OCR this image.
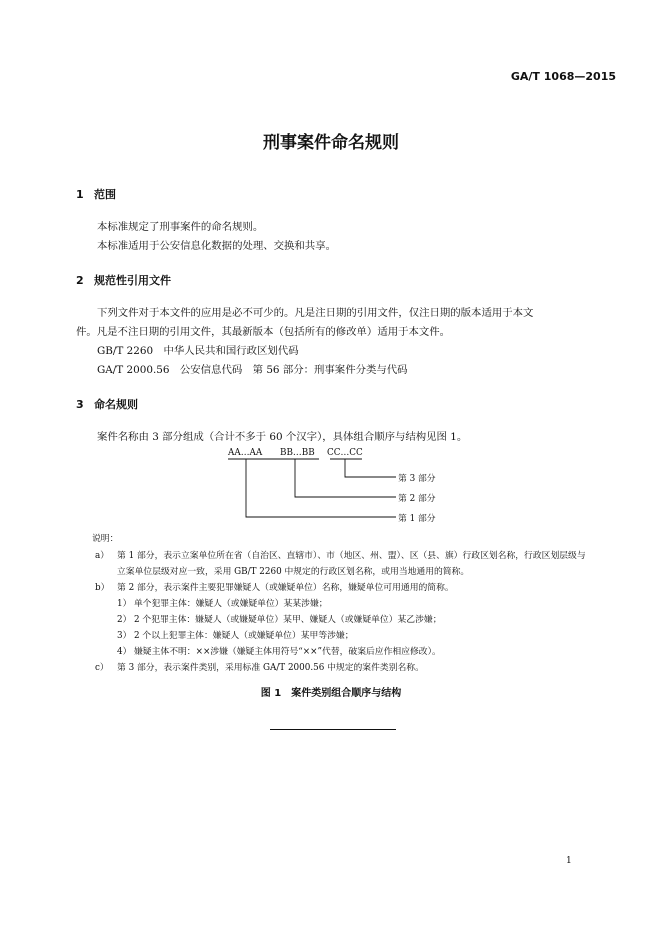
GA/T 1068—2015
刑事案件命名规则
1 范围
本标准规定了刑事案件的命名规则。
本标准适用于公安信息化数据的处理、交换和共享。
2 规范性引用文件
下列文件对于本文件的应用是必不可少的。凡是注日期的引用文件，仅注日期的版本适用于本文
件。凡是不注日期的引用文件，其最新版本（包括所有的修改单）适用于本文件。
GB/T 2260　中华人民共和国行政区划代码
GA/T 2000.56　公安信息代码　第 56 部分：刑事案件分类与代码
3 命名规则
案件名称由 3 部分组成（合计不多于 60 个汉字），具体组合顺序与结构见图 1。
AA…AA BB…BB CC…CC
第 3 部分
第 2 部分
第 1 部分
说明：
a） 第 1 部分，表示立案单位所在省（自治区、直辖市）、市（地区、州、盟）、区（县、旗）行政区划名称，行政区划层级与
立案单位层级对应一致，采用 GB/T 2260 中规定的行政区划名称，或用当地通用的简称。
b） 第 2 部分，表示案件主要犯罪嫌疑人（或嫌疑单位）名称，嫌疑单位可用通用的简称。
1） 单个犯罪主体：嫌疑人（或嫌疑单位）某某涉嫌；
2） 2 个犯罪主体：嫌疑人（或嫌疑单位）某甲、嫌疑人（或嫌疑单位）某乙涉嫌；
3） 2 个以上犯罪主体：嫌疑人（或嫌疑单位）某甲等涉嫌；
4） 嫌疑主体不明：××涉嫌（嫌疑主体用符号“××”代替，破案后应作相应修改）。
c） 第 3 部分，表示案件类别，采用标准 GA/T 2000.56 中规定的案件类别名称。
图 1　案件类别组合顺序与结构
1
